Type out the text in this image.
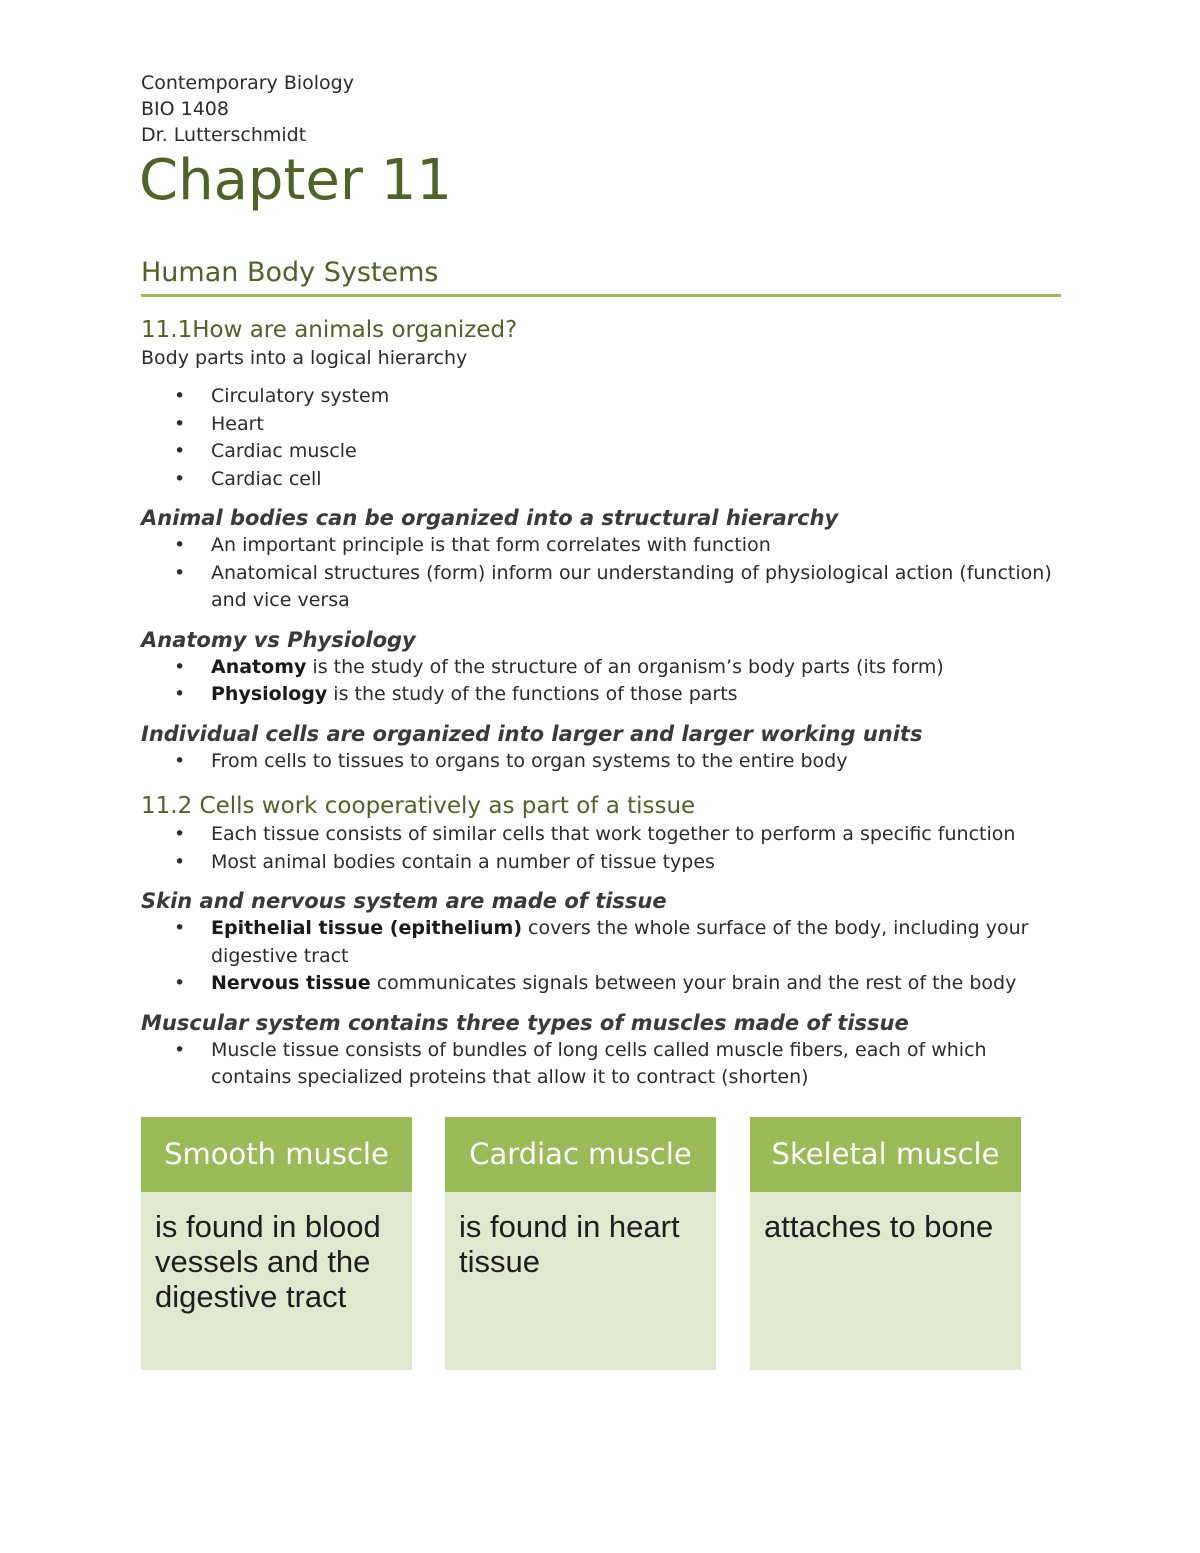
Contemporary Biology

BIO 1408

Dr. Lutterschmidt

Chapter 11
Human Body Systems
11.1How are animals organized?

Body parts into a logical hierarchy

• Circulatory system
• Heart
• Cardiac muscle
• Cardiac cell
Animal bodies can be organized into a structural hierarchy
• An important principle is that form correlates with function
• Anatomical structures (form) inform our understanding of physiological action (function) and vice versa
Anatomy vs Physiology
• Anatomy is the study of the structure of an organism’s body parts (its form)
• Physiology is the study of the functions of those parts
Individual cells are organized into larger and larger working units
• From cells to tissues to organs to organ systems to the entire body
11.2 Cells work cooperatively as part of a tissue
• Each tissue consists of similar cells that work together to perform a specific function
• Most animal bodies contain a number of tissue types
Skin and nervous system are made of tissue
• Epithelial tissue (epithelium) covers the whole surface of the body, including your digestive tract
• Nervous tissue communicates signals between your brain and the rest of the body
Muscular system contains three types of muscles made of tissue
• Muscle tissue consists of bundles of long cells called muscle fibers, each of which contains specialized proteins that allow it to contract (shorten)
Smooth muscle
is found in blood vessels and the digestive tract
Cardiac muscle
is found in heart tissue
Skeletal muscle
attaches to bone
